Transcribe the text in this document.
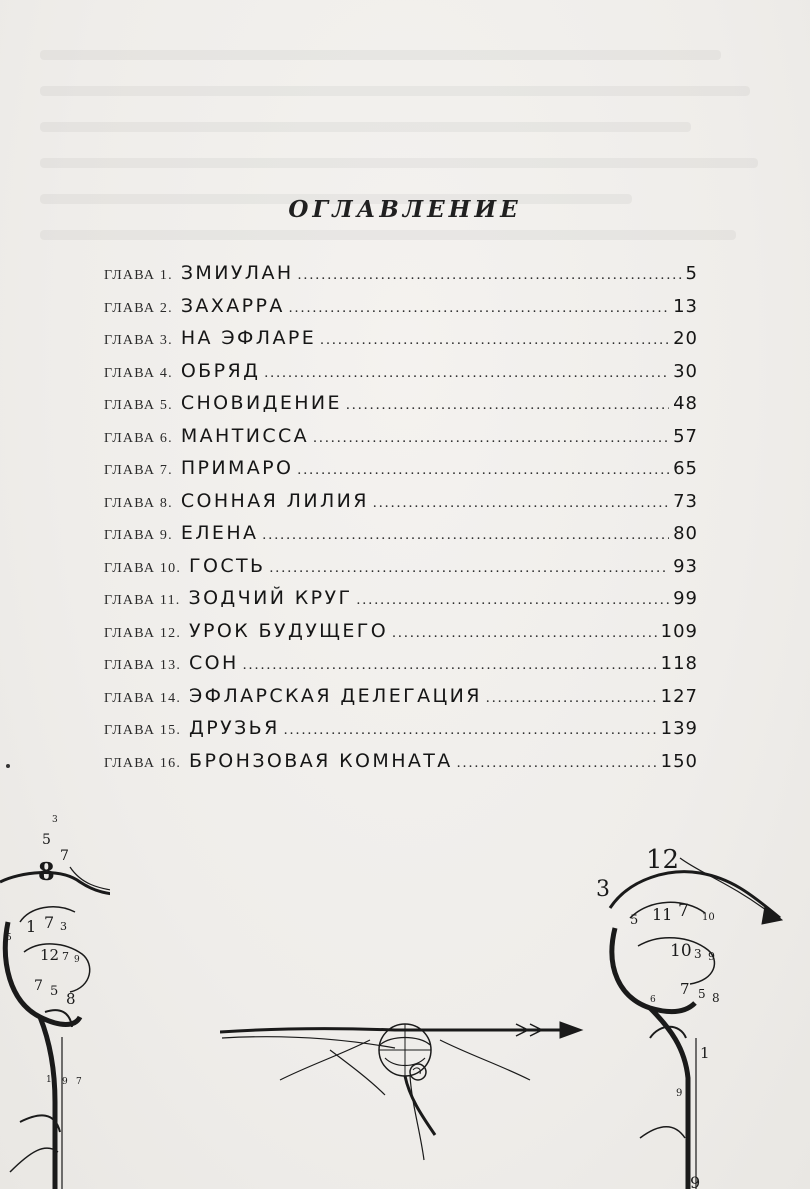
ОГЛАВЛЕНИЕ
ГЛАВА 1. ЗМИУЛАН .....	5
ГЛАВА 2. ЗАХАРРА .....	13
ГЛАВА 3. НА ЭФЛАРЕ .....	20
ГЛАВА 4. ОБРЯД .....	30
ГЛАВА 5. СНОВИДЕНИЕ .....	48
ГЛАВА 6. МАНТИССА .....	57
ГЛАВА 7. ПРИМАРО .....	65
ГЛАВА 8. СОННАЯ ЛИЛИЯ .....	73
ГЛАВА 9. ЕЛЕНА .....	80
ГЛАВА 10. ГОСТЬ .....	93
ГЛАВА 11. ЗОДЧИЙ КРУГ .....	99
ГЛАВА 12. УРОК БУДУЩЕГО .....	109
ГЛАВА 13. СОН .....	118
ГЛАВА 14. ЭФЛАРСКАЯ ДЕЛЕГАЦИЯ .....	127
ГЛАВА 15. ДРУЗЬЯ .....	139
ГЛАВА 16. БРОНЗОВАЯ КОМНАТА .....	150
3
5
7
8
5
1 7 3
12 7 9
7 5 8
1 9 7
12
3
5 11 7 10
10 3 9
6
7 5 8
1
9
9
